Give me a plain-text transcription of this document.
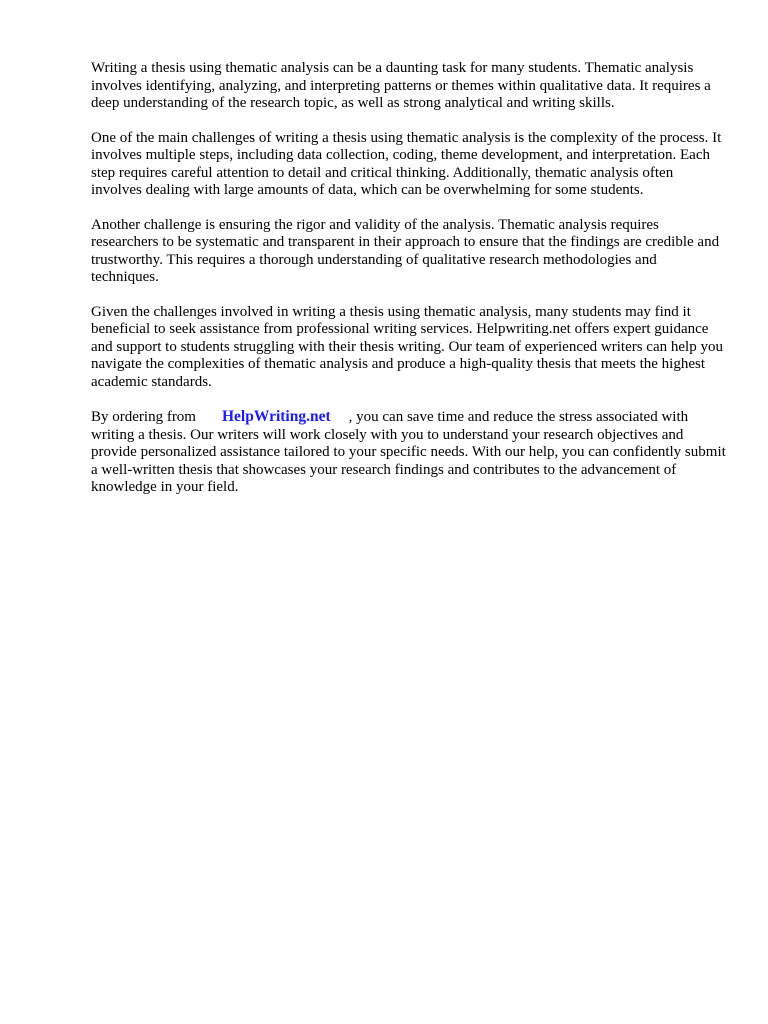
Writing a thesis using thematic analysis can be a daunting task for many students. Thematic analysis involves identifying, analyzing, and interpreting patterns or themes within qualitative data. It requires a deep understanding of the research topic, as well as strong analytical and writing skills.

One of the main challenges of writing a thesis using thematic analysis is the complexity of the process. It involves multiple steps, including data collection, coding, theme development, and interpretation. Each step requires careful attention to detail and critical thinking. Additionally, thematic analysis often involves dealing with large amounts of data, which can be overwhelming for some students.

Another challenge is ensuring the rigor and validity of the analysis. Thematic analysis requires researchers to be systematic and transparent in their approach to ensure that the findings are credible and trustworthy. This requires a thorough understanding of qualitative research methodologies and techniques.

Given the challenges involved in writing a thesis using thematic analysis, many students may find it beneficial to seek assistance from professional writing services. Helpwriting.net offers expert guidance and support to students struggling with their thesis writing. Our team of experienced writers can help you navigate the complexities of thematic analysis and produce a high-quality thesis that meets the highest academic standards.

By ordering from HelpWriting.net , you can save time and reduce the stress associated with writing a thesis. Our writers will work closely with you to understand your research objectives and provide personalized assistance tailored to your specific needs. With our help, you can confidently submit a well-written thesis that showcases your research findings and contributes to the advancement of knowledge in your field.
